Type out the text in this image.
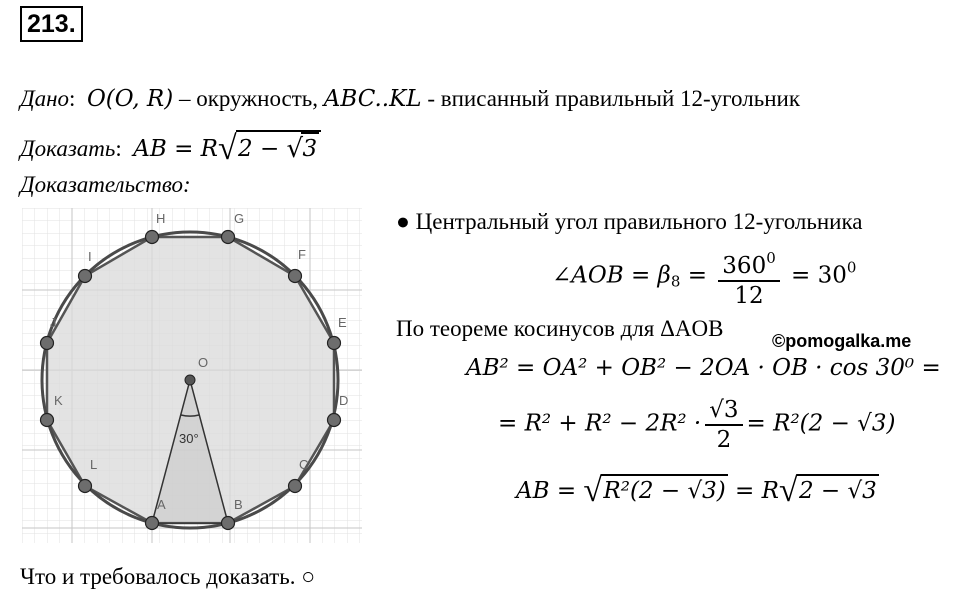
213.
Дано: O(O, R) – окружность, ABC..KL - вписанный правильный 12-угольник
Доказать: AB = R √ 2 − √ 3
Доказательство:
H	G
F
E
D
C
B
A
L
K
J
I
O
30°
● Центральный угол правильного 12-угольника
∠AOB = $\beta_8 = \frac{360^0}{12} = 30^0$
По теореме косинусов для ΔAOB	©pomogalka.me
AB² = OA² + OB² − 2OA · OB · cos 30⁰ =
= $R^2 + R^2 - 2R^2 \cdot \frac{√3}{2} = R^2(2 - √3)$
AB = √ R²(2 − √3) = R √ 2 − √3
Что и требовалось доказать. ○
